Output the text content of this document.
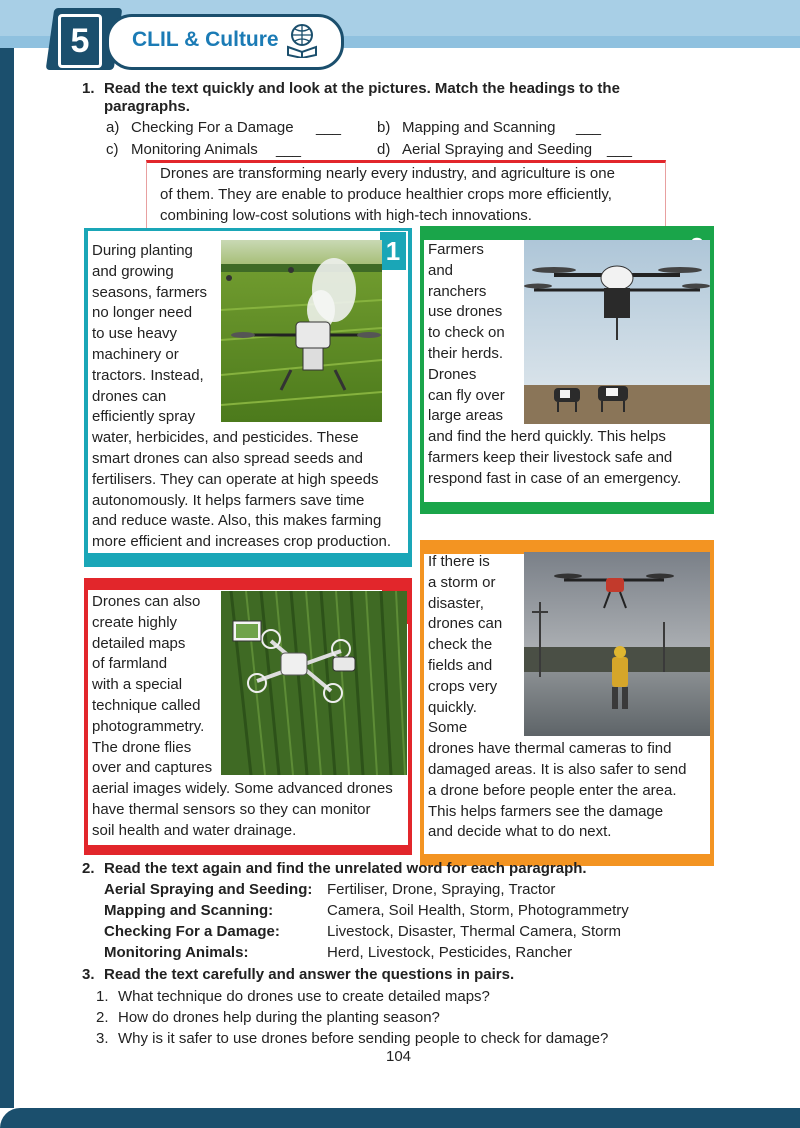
5	CLIL & Culture
1. Read the text quickly and look at the pictures. Match the headings to the
paragraphs.
a) Checking For a Damage ___ b) Mapping and Scanning ___
c) Monitoring Animals ___	d) Aerial Spraying and Seeding ___
Drones are transforming nearly every industry, and agriculture is one
of them. They are enable to produce healthier crops more efficiently,
combining low-cost solutions with high-tech innovations.
1
During planting
and growing
seasons, farmers
no longer need
to use heavy
machinery or
tractors. Instead,
drones can
efficiently spray
water, herbicides, and pesticides. These
smart drones can also spread seeds and
fertilisers. They can operate at high speeds
autonomously. It helps farmers save time
and reduce waste. Also, this makes farming
more efficient and increases crop production.
Farmers
and
ranchers
use drones
to check on
their herds.
Drones
can fly over
large areas
and find the herd quickly. This helps
farmers keep their livestock safe and
respond fast in case of an emergency.
Drones can also
create highly
detailed maps
of farmland
with a special
technique called
photogrammetry.
The drone flies
over and captures
aerial images widely. Some advanced drones
have thermal sensors so they can monitor
soil health and water drainage.
If there is
a storm or
disaster,
drones can
check the
fields and
crops very
quickly.
Some
drones have thermal cameras to find
damaged areas. It is also safer to send
a drone before people enter the area.
This helps farmers see the damage
and decide what to do next.
2. Read the text again and find the unrelated word for each paragraph.
Aerial Spraying and Seeding: Fertiliser, Drone, Spraying, Tractor
Mapping and Scanning:	Camera, Soil Health, Storm, Photogrammetry
Checking For a Damage:	Livestock, Disaster, Thermal Camera, Storm
Monitoring Animals:	Herd, Livestock, Pesticides, Rancher
3. Read the text carefully and answer the questions in pairs.
1. What technique do drones use to create detailed maps?
2. How do drones help during the planting season?
3. Why is it safer to use drones before sending people to check for damage?
104
